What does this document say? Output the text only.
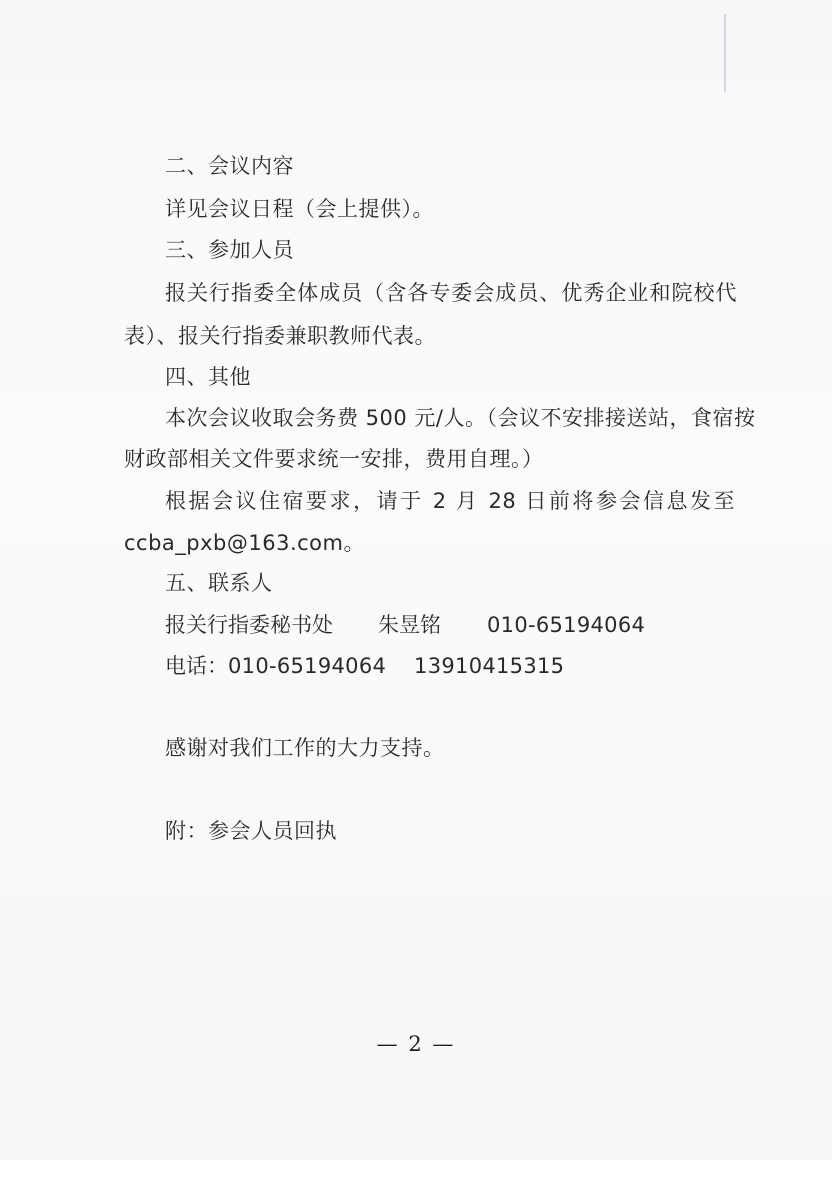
二、会议内容
详见会议日程（会上提供）。
三、参加人员
报关行指委全体成员（含各专委会成员、优秀企业和院校代
表）、报关行指委兼职教师代表。
四、其他
本次会议收取会务费 500 元/人。（会议不安排接送站，食宿按
财政部相关文件要求统一安排，费用自理。）
根据会议住宿要求，请于 2 月 28 日前将参会信息发至
ccba_pxb@163.com。
五、联系人
报关行指委秘书处 朱昱铭 010-65194064
电话： 010-65194064    13910415315
感谢对我们工作的大力支持。
附：参会人员回执
— 2 —
